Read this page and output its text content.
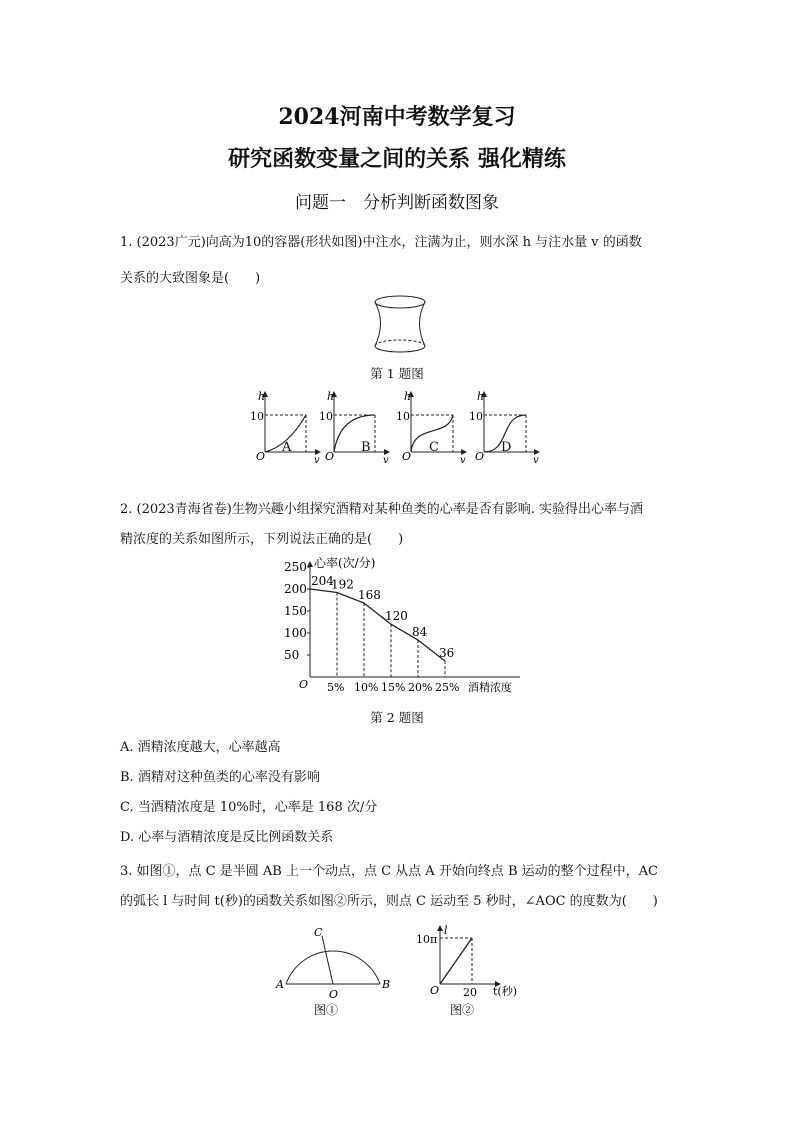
2024河南中考数学复习
研究函数变量之间的关系 强化精练
问题一　分析判断函数图象
1. (2023广元)向高为10的容器(形状如图)中注水，注满为止，则水深 h 与注水量 v 的函数
关系的大致图象是(　　)
第 1 题图
h
10
O	v
h
10
O	v
h
10
O	v
h
10
O	v
A	B	C	D
2. (2023青海省卷)生物兴趣小组探究酒精对某种鱼类的心率是否有影响. 实验得出心率与酒
精浓度的关系如图所示，下列说法正确的是(　　)
心率(次/分)
酒精浓度
O
250
200
150
100
50
204
5%
192
10%
168
15%
120
20%
84
25%
36
第 2 题图
A. 酒精浓度越大，心率越高
B. 酒精对这种鱼类的心率没有影响
C. 当酒精浓度是 10%时，心率是 168 次/分
D. 心率与酒精浓度是反比例函数关系
3. 如图①，点 C 是半圆 AB 上一个动点，点 C 从点 A 开始向终点 B 运动的整个过程中，AC
的弧长 l 与时间 t(秒)的函数关系如图②所示，则点 C 运动至 5 秒时，∠AOC 的度数为(　　)
A	B
C
O
图①
10π
l
O 20 t(秒)
图②
